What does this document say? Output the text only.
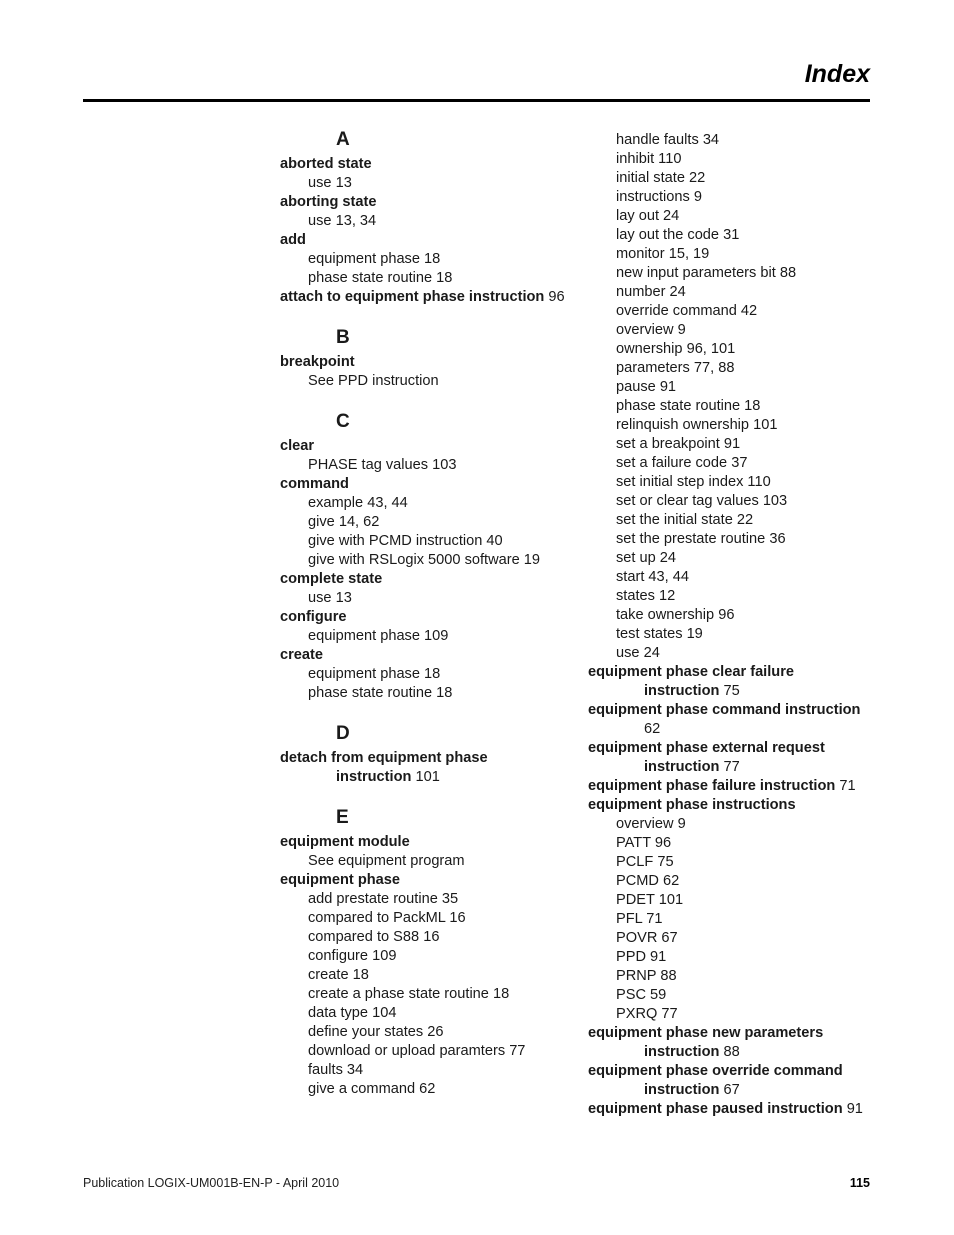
Index
A
aborted state
use 13
aborting state
use 13, 34
add
equipment phase 18
phase state routine 18
attach to equipment phase instruction 96
B
breakpoint
See PPD instruction
C
clear
PHASE tag values 103
command
example 43, 44
give 14, 62
give with PCMD instruction 40
give with RSLogix 5000 software 19
complete state
use 13
configure
equipment phase 109
create
equipment phase 18
phase state routine 18
D
detach from equipment phase
instruction 101
E
equipment module
See equipment program
equipment phase
add prestate routine 35
compared to PackML 16
compared to S88 16
configure 109
create 18
create a phase state routine 18
data type 104
define your states 26
download or upload paramters 77
faults 34
give a command 62
handle faults 34
inhibit 110
initial state 22
instructions 9
lay out 24
lay out the code 31
monitor 15, 19
new input parameters bit 88
number 24
override command 42
overview 9
ownership 96, 101
parameters 77, 88
pause 91
phase state routine 18
relinquish ownership 101
set a breakpoint 91
set a failure code 37
set initial step index 110
set or clear tag values 103
set the initial state 22
set the prestate routine 36
set up 24
start 43, 44
states 12
take ownership 96
test states 19
use 24
equipment phase clear failure
instruction 75
equipment phase command instruction
62
equipment phase external request
instruction 77
equipment phase failure instruction 71
equipment phase instructions
overview 9
PATT 96
PCLF 75
PCMD 62
PDET 101
PFL 71
POVR 67
PPD 91
PRNP 88
PSC 59
PXRQ 77
equipment phase new parameters
instruction 88
equipment phase override command
instruction 67
equipment phase paused instruction 91
Publication LOGIX-UM001B-EN-P - April 2010	115
